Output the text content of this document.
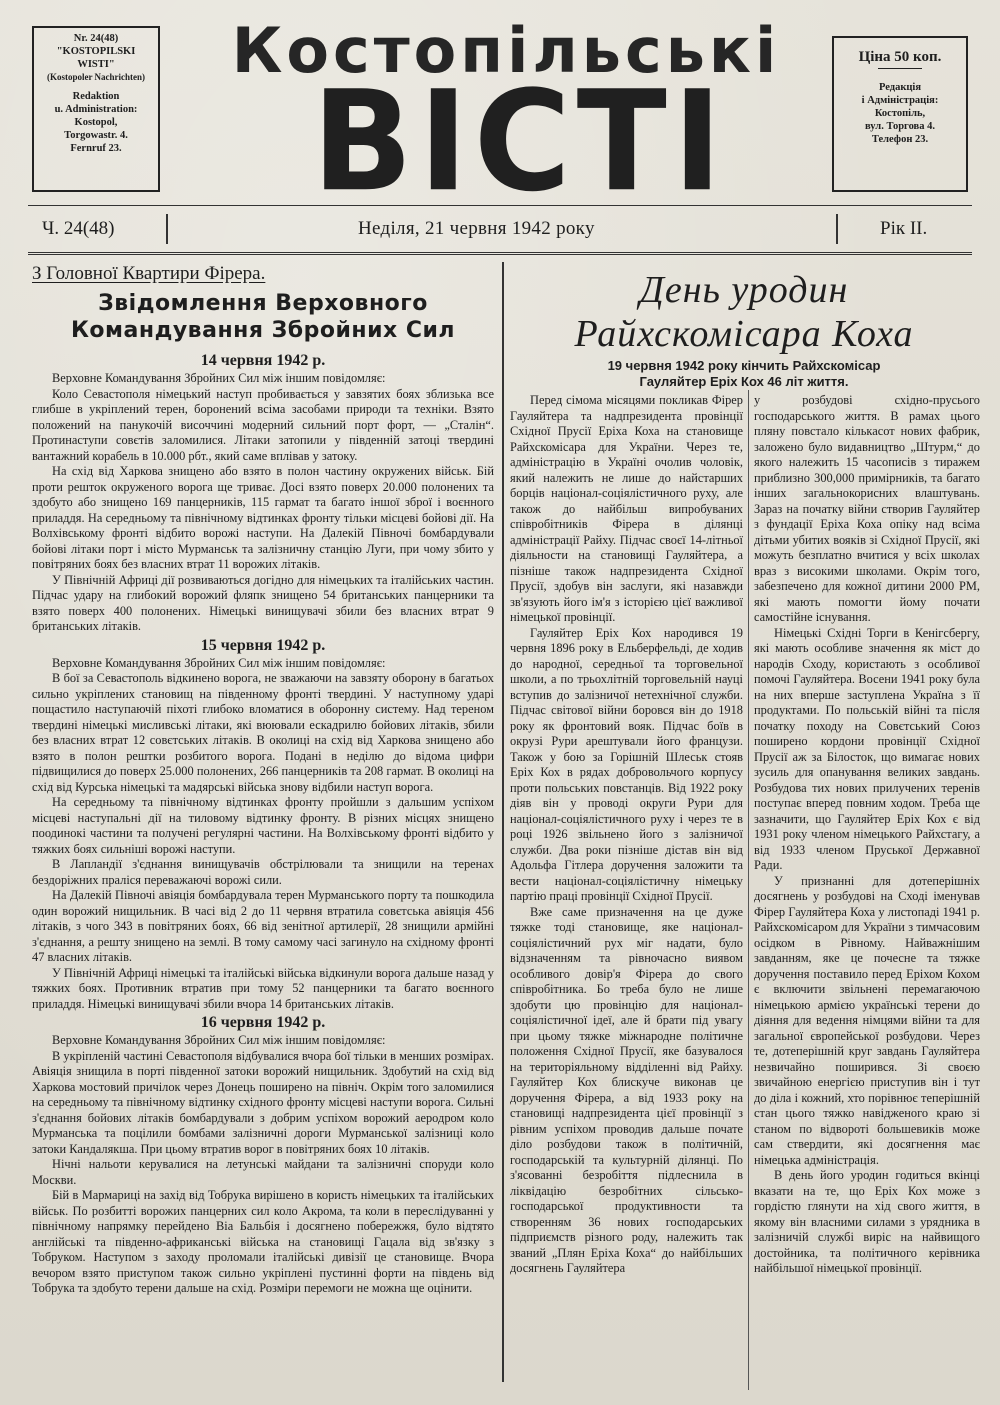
Nr. 24(48)
"KOSTOPILSKI
WISTI"
(Kostopoler Nachrichten)
Redaktion
u. Administration:
Kostopol,
Torgowastr. 4.
Fernruf 23.
Костопільські
ВІСТІ
Ціна 50 коп.
Редакція
і Адміністрація:
Костопіль,
вул. Торгова 4.
Телефон 23.
Ч. 24(48)	Неділя, 21 червня 1942 року	Рік II.

З Головної Квартири Фірера.

Звідомлення Верховного
Командування Збройних Сил

14 червня 1942 р.

Верховне Командування Збройних Сил між іншим повідомляє:

Коло Севастополя німецький наступ пробивається у завзятих боях зблизька все глибше в укріплений терен, боронений всіма засобами природи та техніки. Взято положений на панукочій височчині модерний сильний порт форт, — „Сталін“. Протинаступи совєтів заломилися. Літаки затопили у південній затоці твердині вантажний корабель в 10.000 рбт., який саме вплівав у затоку.

На схід від Харкова знищено або взято в полон частину окружених військ. Бій проти решток окруженого ворога ще триває. Досі взято поверх 20.000 полонених та здобуто або знищено 169 панцерників, 115 гармат та багато іншої зброї і воєнного приладдя. На середньому та північному відтинках фронту тільки місцеві бойові дії. На Волхівському фронті відбито ворожі наступи. На Далекій Півночі бомбардували бойові літаки порт і місто Мурманськ та залізничну станцію Луги, при чому збито у повітряних боях без власних втрат 11 ворожих літаків.

У Північній Африці дії розвиваються догідно для німецьких та італійських частин. Підчас удару на глибокий ворожий фляпк знищено 54 британських панцерники та взято поверх 400 полонених. Німецькі винищувачі збили без власних втрат 9 британських літаків.

15 червня 1942 р.

Верховне Командування Збройних Сил між іншим повідомляє:

В бої за Севастополь відкинено ворога, не зважаючи на завзяту оборону в багатьох сильно укріплених становищ на південному фронті твердині. У наступному ударі пощастило наступаючій піхоті глибоко вломатися в оборонну систему. Над тереном твердині німецькі мисливські літаки, які вюювали ескадрилю бойових літаків, збили без власних втрат 12 совєтських літаків. В околиці на схід від Харкова знищено або взято в полон рештки розбитого ворога. Подані в неділю до відома цифри підвищилися до поверх 25.000 полонених, 266 панцерників та 208 гармат. В околиці на схід від Курська німецькі та мадярські війська знову відбили наступ ворога.

На середньому та північному відтинках фронту пройшли з дальшим успіхом місцеві наступальні дії на тиловому відтинку фронту. В різних місцях знищено поодинокі частини та получені регулярні частини. На Волхівському фронті відбито у тяжких боях сильніші ворожі наступи.

В Лапландії з'єднання винищувачів обстрілювали та знищили на теренах бездоріжних праліся переважаючі ворожі сили.

На Далекій Півночі авіяція бомбардувала терен Мурманського порту та пошкодила один ворожий нищильник. В часі від 2 до 11 червня втратила совєтська авіяція 456 літаків, з чого 343 в повітряних боях, 66 від зенітної артилерії, 28 знищили армійні з'єднання, а решту знищено на землі. В тому самому часі загинуло на східному фронті 47 власних літаків.

У Північній Африці німецькі та італійські війська відкинули ворога дальше назад у тяжких боях. Противник втратив при тому 52 панцерники та багато воєнного приладдя. Німецькі винищувачі збили вчора 14 британських літаків.

16 червня 1942 р.

Верховне Командування Збройних Сил між іншим повідомляє:

В укріпленій частині Севастополя відбувалися вчора бої тільки в менших розмірах. Авіяція знищила в порті південної затоки ворожий нищильник. Здобутий на схід від Харкова мостовий причілок через Донець поширено на північ. Окрім того заломилися на середньому та північному відтинку східного фронту місцеві наступи ворога. Сильні з'єднання бойових літаків бомбардували з добрим успіхом ворожий аеродром коло Мурманська та поцілили бомбами залізничні дороги Мурманської залізниці коло затоки Кандалякша. При цьому втратив ворог в повітряних боях 10 літаків.

Нічні нальоти керувалися на летунські майдани та залізничні споруди коло Москви.

Бій в Мармариці на захід від Тобрука вирішено в користь німецьких та італійських військ. По розбитті ворожих панцерних сил коло Акрома, та коли в переслідуванні у північному напрямку перейдено Віа Бальбія і досягнено побережжя, було відтято англійські та південно-африканські війська на становищі Гацала від зв'язку з Тобруком. Наступом з заходу проломали італійські дивізії це становище. Вчора вечором взято приступом також сильно укріплені пустинні форти на південь від Тобрука та здобуто терени дальше на схід. Розміри перемоги не можна ще оцінити.

День уродин
Райхскомісара Коха
19 червня 1942 року кінчить Райхскомісар
Гауляйтер Еріх Кох 46 літ життя.

Перед сімома місяцями покликав Фірер Гауляйтера та надпрезидента провінції Східної Прусії Еріха Коха на становище Райхскомісара для України. Через те, адміністрацію в Україні очолив чоловік, який належить не лише до найстарших борців націонал-соціялістичного руху, але також до найбільш випробуваних співробітників Фірера в ділянці адміністрації Райху. Підчас своєї 14-літньої діяльности на становищі Гауляйтера, а пізніше також надпрезидента Східної Прусії, здобув він заслуги, які назавжди зв'язують його ім'я з історією цієї важливої німецької провінції.

Гауляйтер Еріх Кох народився 19 червня 1896 року в Ельберфельді, де ходив до народної, середньої та торговельної школи, а по трьохлітній торговельній науці вступив до залізничої нетехнічної служби. Підчас світової війни боровся він до 1918 року як фронтовий вояк. Підчас боїв в окрузі Рури арештували його французи. Також у бою за Горішній Шлеськ стояв Еріх Кох в рядах добровольчого корпусу проти польських повстанців. Від 1922 року діяв він у проводі округи Рури для націонал-соціялістичного руху і через те в році 1926 звільнено його з залізничої служби. Два роки пізніше дістав він від Адольфа Гітлера доручення заложити та вести націонал-соціялістичну німецьку партію праці провінції Східної Прусії.

Вже саме призначення на це дуже тяжке тоді становище, яке націонал-соціялістичний рух міг надати, було відзначенням та рівночасно виявом особливого довір'я Фірера до свого співробітника. Бо треба було не лише здобути цю провінцію для націонал-соціялістичної ідеї, але й брати під увагу при цьому тяжке міжнародне політичне положення Східної Прусії, яке базувалося на територіяльному відділенні від Райху. Гауляйтер Кох блискуче виконав це доручення Фірера, а від 1933 року на становищі надпрезидента цієї провінції з рівним успіхом проводив дальше почате діло розбудови також в політичній, господарській та культурній ділянці. По з'ясованні безробіття підлеснила в ліквідацію безробітних сільсько-господарської продуктивности та створенням 36 нових господарських підприємств різного роду, належить так званий „Плян Еріха Коха“ до найбільших досягнень Гауляйтера

у розбудові східно-прусього господарського життя. В рамах цього пляну повстало кількасот нових фабрик, заложено було видавництво „Штурм,“ до якого належить 15 часописів з тиражем приблизно 300,000 примірників, та багато інших загальнокорисних влаштувань. Зараз на початку війни створив Гауляйтер з фундації Еріха Коха опіку над всіма дітьми убитих вояків зі Східної Прусії, які можуть безплатно вчитися у всіх школах враз з високими школами. Окрім того, забезпечено для кожної дитини 2000 РМ, які мають помогти йому почати самостійне існування.

Німецькі Східні Торги в Кенігсбергу, які мають особливе значення як міст до народів Сходу, користають з особливої помочі Гауляйтера. Восени 1941 року була на них вперше заступлена Україна з її продуктами. По польській війні та після початку походу на Совєтський Союз поширено кордони провінції Східної Прусії аж за Білосток, що вимагає нових зусиль для опанування великих завдань. Розбудова тих нових прилучених теренів поступає вперед повним ходом. Треба ще зазначити, що Гауляйтер Еріх Кох є від 1931 року членом німецького Райхстагу, а від 1933 членом Пруської Державної Ради.

У признанні для дотеперішніх досягнень у розбудові на Сході іменував Фірер Гауляйтера Коха у листопаді 1941 р. Райхскомісаром для України з тимчасовим осідком в Рівному. Найважнішим завданням, яке це почесне та тяжке доручення поставило перед Еріхом Кохом є включити звільнені перемагаючою німецькою армією українські терени до діяння для ведення німцями війни та для загальної європейської розбудови. Через те, дотеперішній круг завдань Гауляйтера незвичайно поширився. Зі своєю звичайною енергією приступив він і тут до діла і кожний, хто порівнює теперішній стан цього тяжко навідженого краю зі станом по відвороті большевиків може сам ствердити, які досягнення має німецька адміністрація.

В день його уродин годиться вкінці вказати на те, що Еріх Кох може з гордістю глянути на хід свого життя, в якому він власними силами з урядника в залізничій службі виріс на найвищого достойника, та політичного керівника найбільшої німецької провінції.
